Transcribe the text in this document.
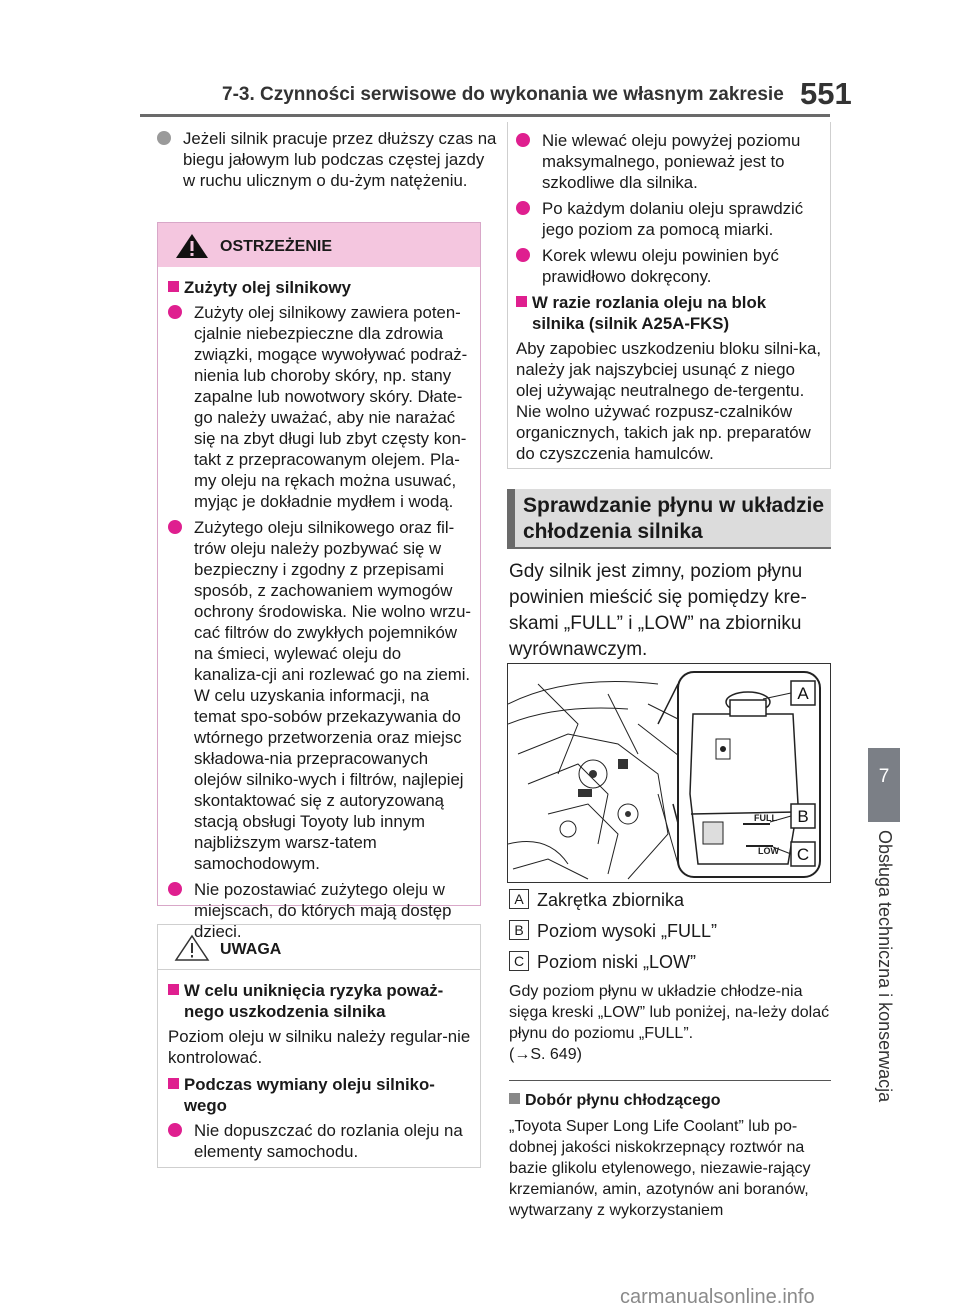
7-3. Czynności serwisowe do wykonania we własnym zakresie 551
7
Obsługa techniczna i konserwacja
Jeżeli silnik pracuje przez dłuższy czas na biegu jałowym lub podczas częstej jazdy w ruchu ulicznym o du-żym natężeniu.
OSTRZEŻENIE
Zużyty olej silnikowy
Zużyty olej silnikowy zawiera poten-cjalnie niebezpieczne dla zdrowia związki, mogące wywoływać podraż-nienia lub choroby skóry, np. stany zapalne lub nowotwory skóry. Dłate-go należy uważać, aby nie narażać się na zbyt długi lub zbyt częsty kon-takt z przepracowanym olejem. Pla-my oleju na rękach można usuwać, myjąc je dokładnie mydłem i wodą.
Zużytego oleju silnikowego oraz fil-trów oleju należy pozbywać się w bezpieczny i zgodny z przepisami sposób, z zachowaniem wymogów ochrony środowiska. Nie wolno wrzu-cać filtrów do zwykłych pojemników na śmieci, wylewać oleju do kanaliza-cji ani rozlewać go na ziemi. W celu uzyskania informacji, na temat spo-sobów przekazywania do wtórnego przetworzenia oraz miejsc składowa-nia przepracowanych olejów silniko-wych i filtrów, najlepiej skontaktować się z autoryzowaną stacją obsługi Toyoty lub innym najbliższym warsz-tatem samochodowym.
Nie pozostawiać zużytego oleju w miejscach, do których mają dostęp dzieci.
UWAGA
W celu uniknięcia ryzyka poważ-nego uszkodzenia silnika
Poziom oleju w silniku należy regular-nie kontrolować.
Podczas wymiany oleju silniko-wego
Nie dopuszczać do rozlania oleju na elementy samochodu.
Nie wlewać oleju powyżej poziomu maksymalnego, ponieważ jest to szkodliwe dla silnika.
Po każdym dolaniu oleju sprawdzić jego poziom za pomocą miarki.
Korek wlewu oleju powinien być prawidłowo dokręcony.
W razie rozlania oleju na blok silnika (silnik A25A-FKS)
Aby zapobiec uszkodzeniu bloku silni-ka, należy jak najszybciej usunąć z niego olej używając neutralnego de-tergentu. Nie wolno używać rozpusz-czalników organicznych, takich jak np. preparatów do czyszczenia hamulców.
Sprawdzanie płynu w układzie
chłodzenia silnika
Gdy silnik jest zimny, poziom płynu powinien mieścić się pomiędzy kre-skami „FULL” i „LOW” na zbiorniku wyrównawczym.
FULL
LOW
A
B
C
A Zakrętka zbiornika
B Poziom wysoki „FULL”
C Poziom niski „LOW”
Gdy poziom płynu w układzie chłodze-nia sięga kreski „LOW” lub poniżej, na-leży dolać płynu do poziomu „FULL”.
(→S. 649)
Dobór płynu chłodzącego
„Toyota Super Long Life Coolant” lub po-dobnej jakości niskokrzepnący roztwór na bazie glikolu etylenowego, niezawie-rający krzemianów, amin, azotynów ani boranów, wytwarzany z wykorzystaniem
carmanualsonline.info
